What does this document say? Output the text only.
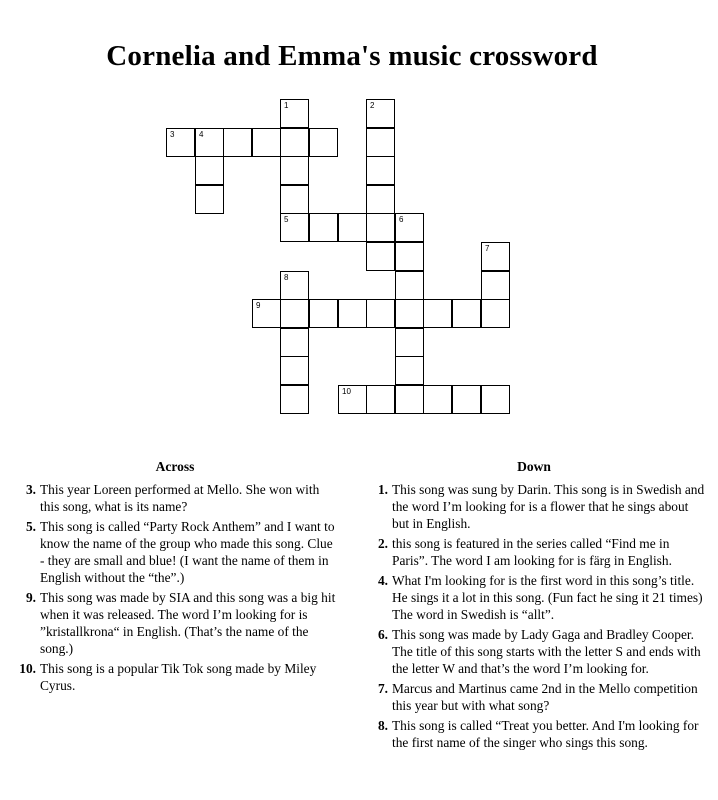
Cornelia and Emma's music crossword
1	2
3	4
5	6
7
8
9
10
Across
3. This year Loreen performed at Mello. She won with this song, what is its name?
5. This song is called “Party Rock Anthem” and I want to know the name of the group who made this song. Clue - they are small and blue! (I want the name of them in English without the “the”.)
9. This song was made by SIA and this song was a big hit when it was released. The word I’m looking for is ”kristallkrona“ in English. (That’s the name of the song.)
10. This song is a popular Tik Tok song made by Miley Cyrus.
Down
1. This song was sung by Darin. This song is in Swedish and the word I’m looking for is a flower that he sings about but in English.
2. this song is featured in the series called “Find me in Paris”. The word I am looking for is färg in English.
4. What I'm looking for is the first word in this song’s title. He sings it a lot in this song. (Fun fact he sing it 21 times) The word in Swedish is “allt”.
6. This song was made by Lady Gaga and Bradley Cooper. The title of this song starts with the letter S and ends with the letter W and that’s the word I’m looking for.
7. Marcus and Martinus came 2nd in the Mello competition this year but with what song?
8. This song is called “Treat you better. And I'm looking for the first name of the singer who sings this song.
